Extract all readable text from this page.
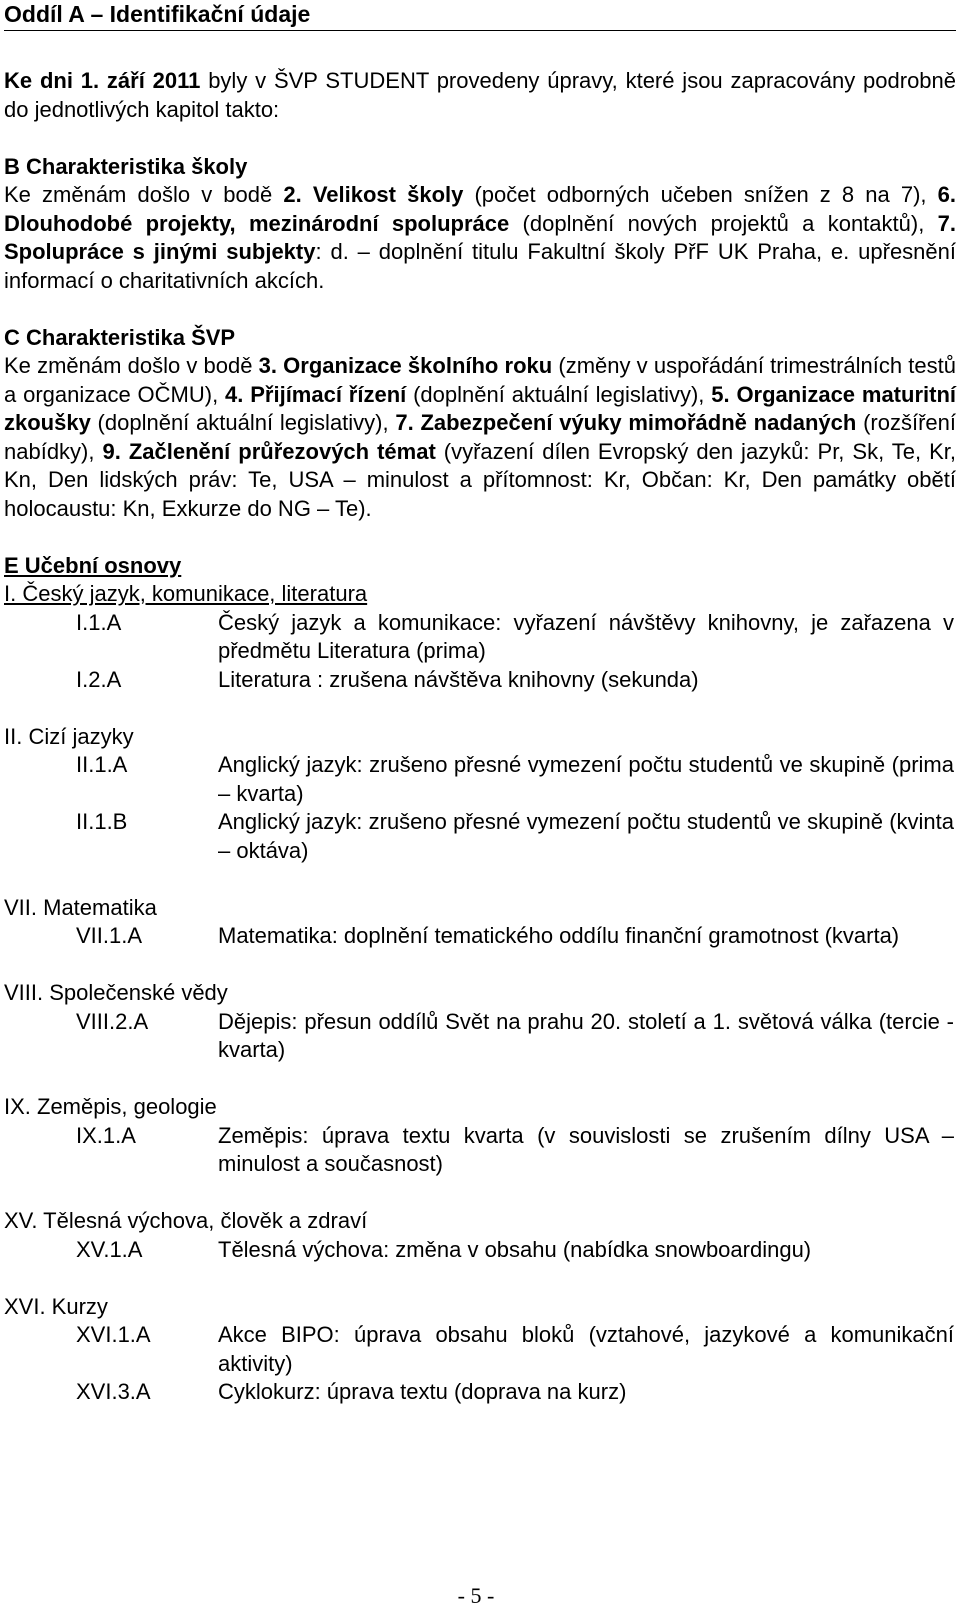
Oddíl A – Identifikační údaje

Ke dni 1. září 2011 byly v ŠVP STUDENT provedeny úpravy, které jsou zapracovány podrobně do jednotlivých kapitol takto:

B Charakteristika školy

Ke změnám došlo v bodě 2. Velikost školy (počet odborných učeben snížen z 8 na 7), 6. Dlouhodobé projekty, mezinárodní spolupráce (doplnění nových projektů a kontaktů), 7. Spolupráce s jinými subjekty: d. – doplnění titulu Fakultní školy PřF UK Praha, e. upřesnění informací o charitativních akcích.

C Charakteristika ŠVP

Ke změnám došlo v bodě 3. Organizace školního roku (změny v uspořádání trimestrálních testů a organizace OČMU), 4. Přijímací řízení (doplnění aktuální legislativy), 5. Organizace maturitní zkoušky (doplnění aktuální legislativy), 7. Zabezpečení výuky mimořádně nadaných (rozšíření nabídky), 9. Začlenění průřezových témat (vyřazení dílen Evropský den jazyků: Pr, Sk, Te, Kr, Kn, Den lidských práv: Te, USA – minulost a přítomnost: Kr, Občan: Kr, Den památky obětí holocaustu: Kn, Exkurze do NG – Te).

E Učební osnovy

I. Český jazyk, komunikace, literatura

I.1.A	Český jazyk a komunikace: vyřazení návštěvy knihovny, je zařazena v předmětu Literatura (prima)
I.2.A	Literatura : zrušena návštěva knihovny (sekunda)

II. Cizí jazyky

II.1.A	Anglický jazyk: zrušeno přesné vymezení počtu studentů ve skupině (prima – kvarta)
II.1.B	Anglický jazyk: zrušeno přesné vymezení počtu studentů ve skupině (kvinta – oktáva)

VII. Matematika

VII.1.A	Matematika: doplnění tematického oddílu finanční gramotnost (kvarta)

VIII. Společenské vědy

VIII.2.A	Dějepis: přesun oddílů Svět na prahu 20. století a 1. světová válka (tercie - kvarta)

IX. Zeměpis, geologie

IX.1.A	Zeměpis: úprava textu kvarta (v souvislosti se zrušením dílny USA – minulost a současnost)

XV. Tělesná výchova, člověk a zdraví

XV.1.A	Tělesná výchova: změna v obsahu (nabídka snowboardingu)

XVI. Kurzy

XVI.1.A	Akce BIPO: úprava obsahu bloků (vztahové, jazykové a komunikační aktivity)
XVI.3.A	Cyklokurz: úprava textu (doprava na kurz)
- 5 -
